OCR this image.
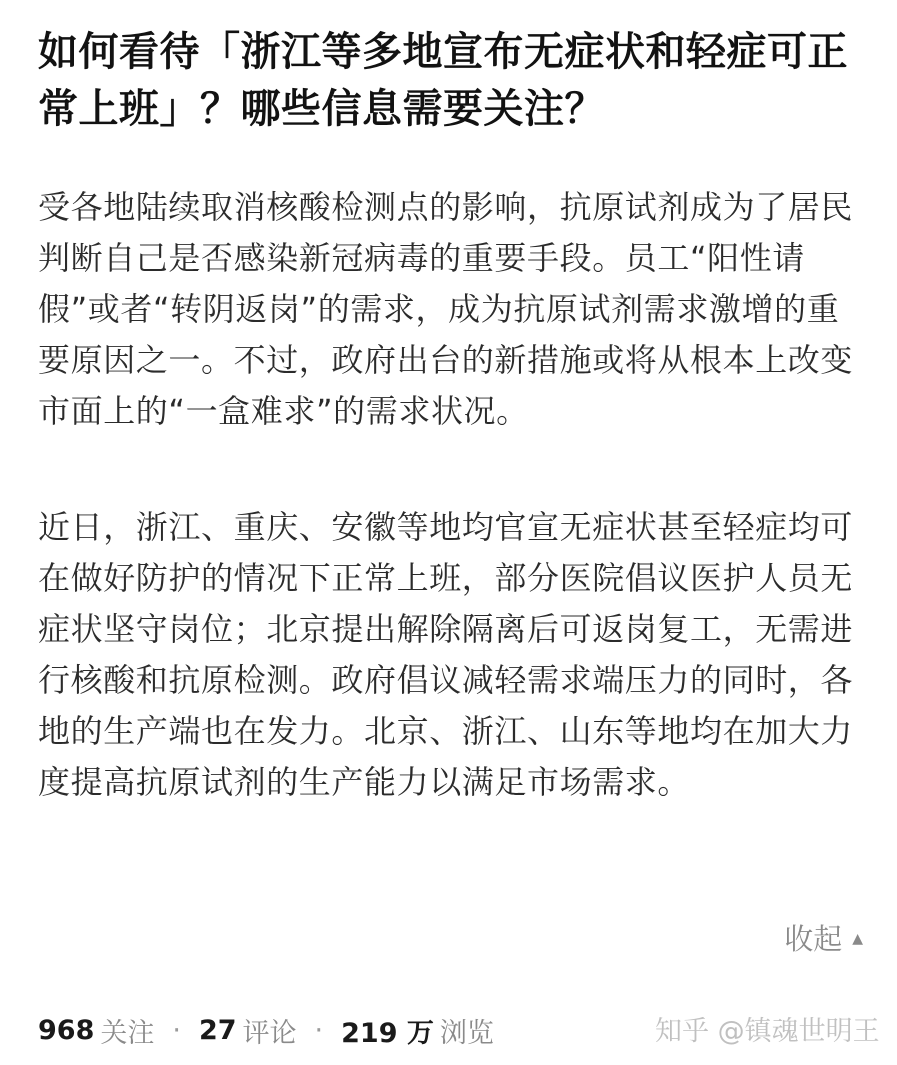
如何看待「浙江等多地宣布无症状和轻症可正常上班」？哪些信息需要关注？

受各地陆续取消核酸检测点的影响，抗原试剂成为了居民判断自己是否感染新冠病毒的重要手段。员工“阳性请假”或者“转阴返岗”的需求，成为抗原试剂需求激增的重要原因之一。不过，政府出台的新措施或将从根本上改变市面上的“一盒难求”的需求状况。

近日，浙江、重庆、安徽等地均官宣无症状甚至轻症均可在做好防护的情况下正常上班，部分医院倡议医护人员无症状坚守岗位；北京提出解除隔离后可返岗复工，无需进行核酸和抗原检测。政府倡议减轻需求端压力的同时，各地的生产端也在发力。北京、浙江、山东等地均在加大力度提高抗原试剂的生产能力以满足市场需求。

收起 ▲
968 关注 · 27 评论 · 219 万 浏览	知乎 @镇魂世明王
